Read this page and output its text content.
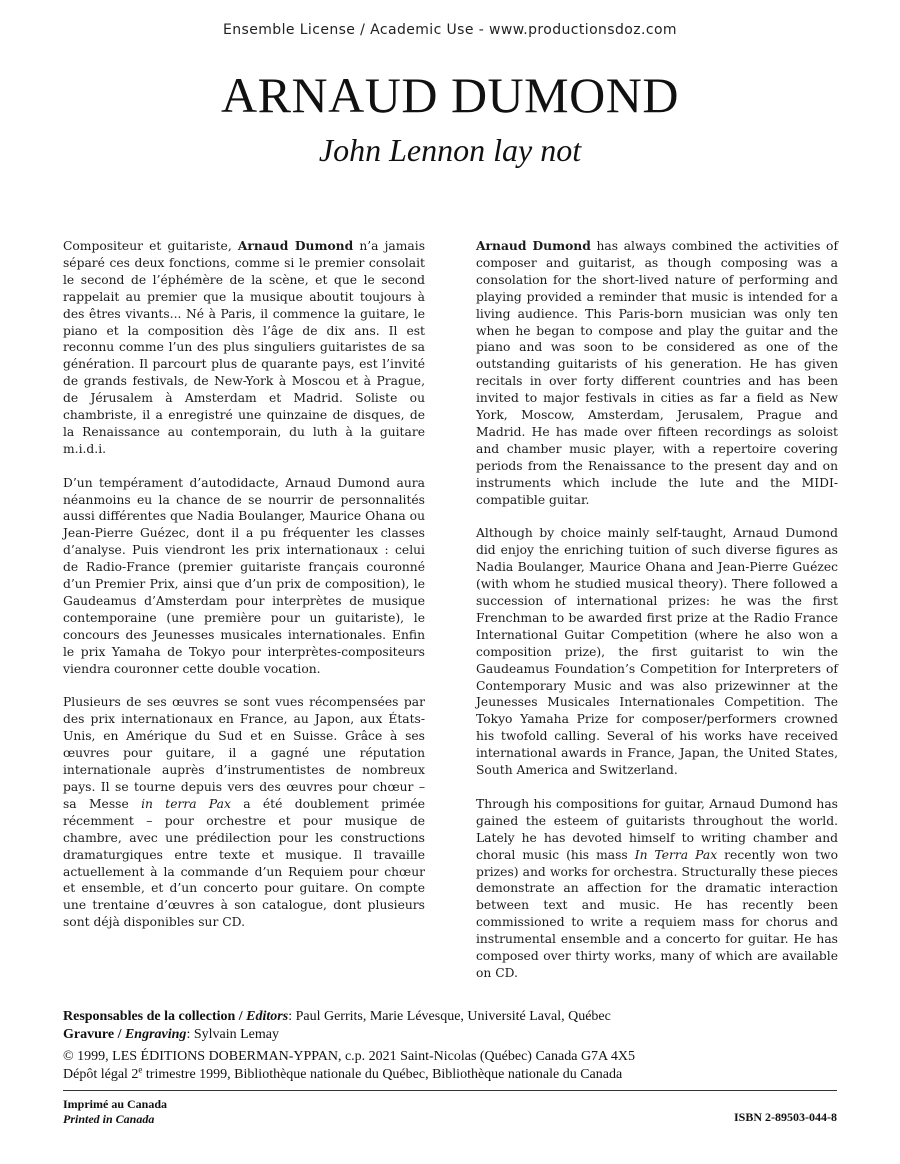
Ensemble License / Academic Use - www.productionsdoz.com
ARNAUD DUMOND
John Lennon lay not

Compositeur et guitariste, Arnaud Dumond n’a jamais séparé ces deux fonctions, comme si le premier consolait le second de l’éphémère de la scène, et que le second rappelait au premier que la musique aboutit toujours à des êtres vivants... Né à Paris, il commence la guitare, le piano et la composition dès l’âge de dix ans. Il est reconnu comme l’un des plus singuliers guitaristes de sa génération. Il parcourt plus de quarante pays, est l’invité de grands festivals, de New-York à Moscou et à Prague, de Jérusalem à Amsterdam et Madrid. Soliste ou chambriste, il a enregistré une quinzaine de disques, de la Renaissance au contemporain, du luth à la guitare m.i.d.i.

D’un tempérament d’autodidacte, Arnaud Dumond aura néanmoins eu la chance de se nourrir de personnalités aussi différentes que Nadia Boulanger, Maurice Ohana ou Jean-Pierre Guézec, dont il a pu fréquenter les classes d’analyse. Puis viendront les prix internationaux : celui de Radio-France (premier guitariste français couronné d’un Premier Prix, ainsi que d’un prix de composition), le Gaudeamus d’Amsterdam pour interprètes de musique contemporaine (une première pour un guitariste), le concours des Jeunesses musicales internationales. Enfin le prix Yamaha de Tokyo pour interprètes-compositeurs viendra couronner cette double vocation.

Plusieurs de ses œuvres se sont vues récompensées par des prix internationaux en France, au Japon, aux États-Unis, en Amérique du Sud et en Suisse. Grâce à ses œuvres pour guitare, il a gagné une réputation internationale auprès d’instrumentistes de nombreux pays. Il se tourne depuis vers des œuvres pour chœur – sa Messe in terra Pax a été doublement primée récemment – pour orchestre et pour musique de chambre, avec une prédilection pour les constructions dramaturgiques entre texte et musique. Il travaille actuellement à la commande d’un Requiem pour chœur et ensemble, et d’un concerto pour guitare. On compte une trentaine d’œuvres à son catalogue, dont plusieurs sont déjà disponibles sur CD.

Arnaud Dumond has always combined the activities of composer and guitarist, as though composing was a consolation for the short-lived nature of performing and playing provided a reminder that music is intended for a living audience. This Paris-born musician was only ten when he began to compose and play the guitar and the piano and was soon to be considered as one of the outstanding guitarists of his generation. He has given recitals in over forty different countries and has been invited to major festivals in cities as far a field as New York, Moscow, Amsterdam, Jerusalem, Prague and Madrid. He has made over fifteen recordings as soloist and chamber music player, with a repertoire covering periods from the Renaissance to the present day and on instruments which include the lute and the MIDI-compatible guitar.

Although by choice mainly self-taught, Arnaud Dumond did enjoy the enriching tuition of such diverse figures as Nadia Boulanger, Maurice Ohana and Jean-Pierre Guézec (with whom he studied musical theory). There followed a succession of international prizes: he was the first Frenchman to be awarded first prize at the Radio France International Guitar Competition (where he also won a composition prize), the first guitarist to win the Gaudeamus Foundation’s Competition for Interpreters of Contemporary Music and was also prizewinner at the Jeunesses Musicales Internationales Competition. The Tokyo Yamaha Prize for composer/performers crowned his twofold calling. Several of his works have received international awards in France, Japan, the United States, South America and Switzerland.

Through his compositions for guitar, Arnaud Dumond has gained the esteem of guitarists throughout the world. Lately he has devoted himself to writing chamber and choral music (his mass In Terra Pax recently won two prizes) and works for orchestra. Structurally these pieces demonstrate an affection for the dramatic interaction between text and music. He has recently been commissioned to write a requiem mass for chorus and instrumental ensemble and a concerto for guitar. He has composed over thirty works, many of which are available on CD.

Responsables de la collection / Editors: Paul Gerrits, Marie Lévesque, Université Laval, Québec
Gravure / Engraving: Sylvain Lemay
© 1999, LES ÉDITIONS DOBERMAN-YPPAN, c.p. 2021 Saint-Nicolas (Québec) Canada G7A 4X5
Dépôt légal 2e trimestre 1999, Bibliothèque nationale du Québec, Bibliothèque nationale du Canada
Imprimé au Canada
Printed in Canada	ISBN 2-89503-044-8
